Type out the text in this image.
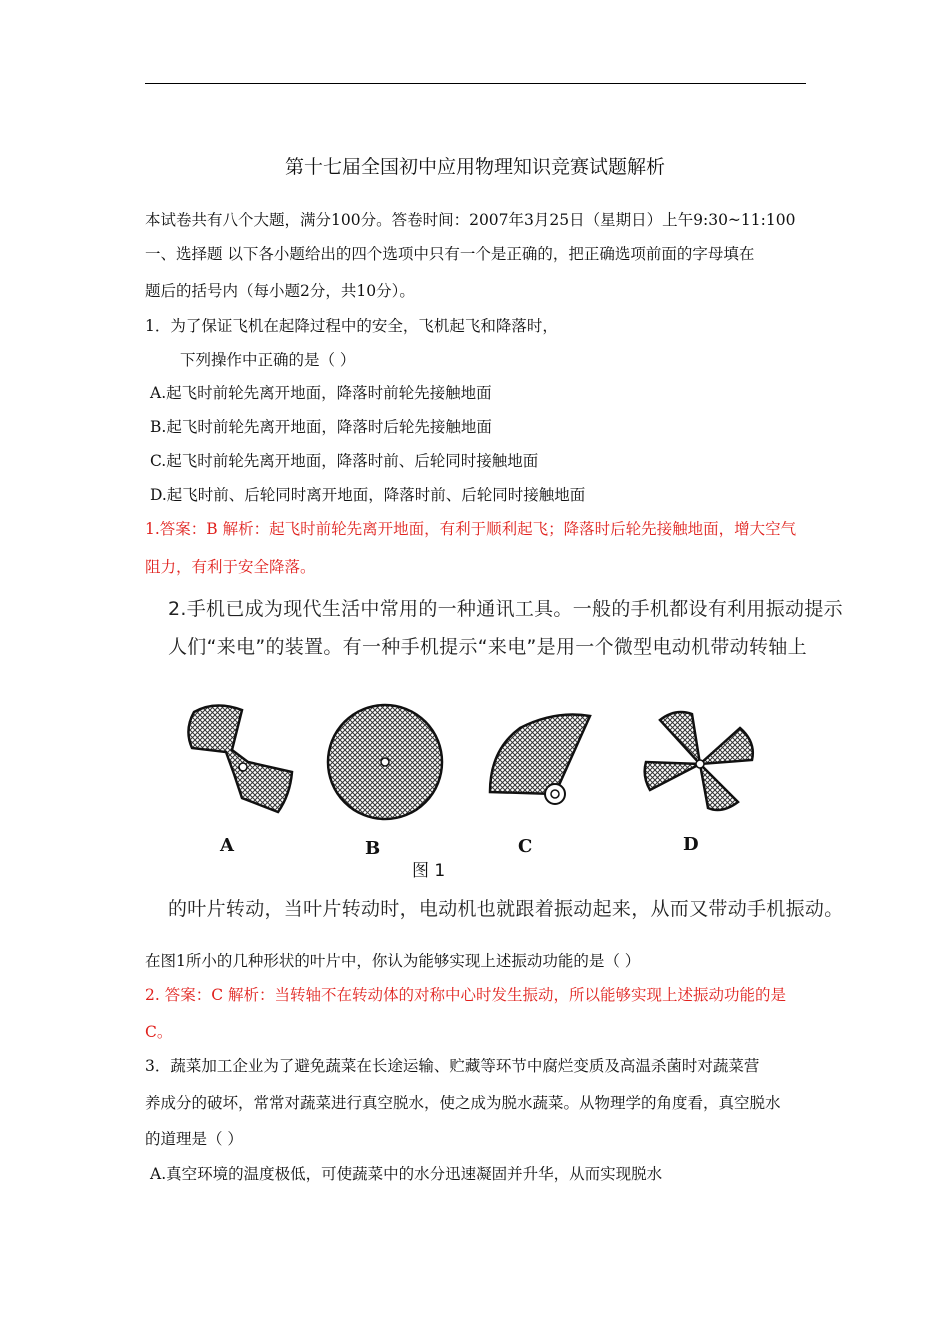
第十七届全国初中应用物理知识竞赛试题解析
本试卷共有八个大题，满分100分。答卷时间：2007年3月25日（星期日）上午9:30~11:100
一、选择题 以下各小题给出的四个选项中只有一个是正确的，把正确选项前面的字母填在
题后的括号内（每小题2分，共10分）。
1．为了保证飞机在起降过程中的安全，飞机起飞和降落时，
下列操作中正确的是（ ）
A.起飞时前轮先离开地面，降落时前轮先接触地面
B.起飞时前轮先离开地面，降落时后轮先接触地面
C.起飞时前轮先离开地面，降落时前、后轮同时接触地面
D.起飞时前、后轮同时离开地面，降落时前、后轮同时接触地面
1.答案：B 解析：起飞时前轮先离开地面，有利于顺利起飞；降落时后轮先接触地面，增大空气
阻力，有利于安全降落。
2.手机已成为现代生活中常用的一种通讯工具。一般的手机都设有利用振动提示
人们“来电”的装置。有一种手机提示“来电”是用一个微型电动机带动转轴上
A	B	C	D
图 1
的叶片转动，当叶片转动时，电动机也就跟着振动起来，从而又带动手机振动。
在图1所小的几种形状的叶片中，你认为能够实现上述振动功能的是（ ）
2. 答案：C 解析：当转轴不在转动体的对称中心时发生振动，所以能够实现上述振动功能的是
C。
3．蔬菜加工企业为了避免蔬菜在长途运输、贮藏等环节中腐烂变质及高温杀菌时对蔬菜营
养成分的破坏，常常对蔬菜进行真空脱水，使之成为脱水蔬菜。从物理学的角度看，真空脱水
的道理是（ ）
A.真空环境的温度极低，可使蔬菜中的水分迅速凝固并升华，从而实现脱水
